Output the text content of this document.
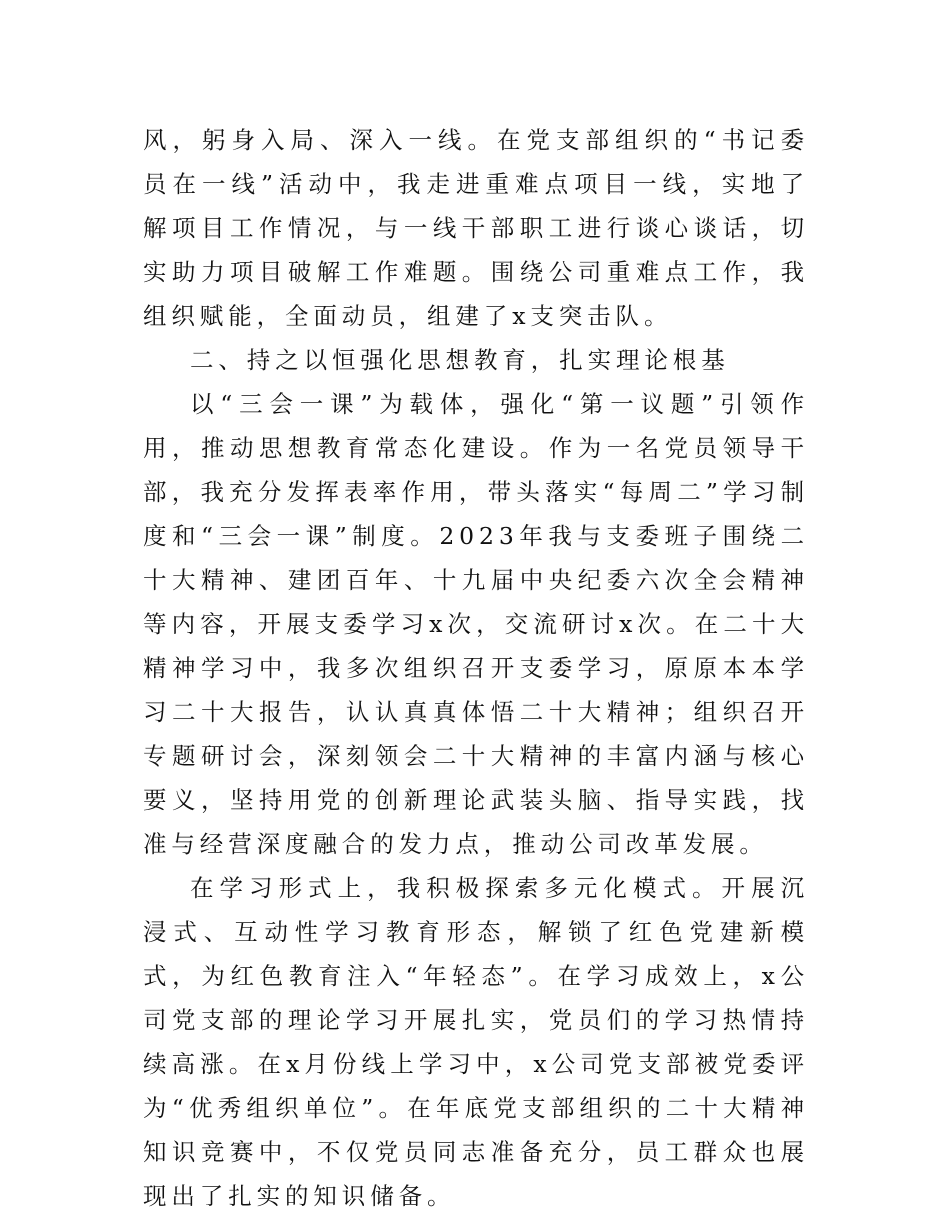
风，躬身入局、深入一线。在党支部组织的“书记委员在一线”活动中，我走进重难点项目一线，实地了解项目工作情况，与一线干部职工进行谈心谈话，切实助力项目破解工作难题。围绕公司重难点工作，我组织赋能，全面动员，组建了x支突击队。

二、持之以恒强化思想教育，扎实理论根基

以“三会一课”为载体，强化“第一议题”引领作用，推动思想教育常态化建设。作为一名党员领导干部，我充分发挥表率作用，带头落实“每周二”学习制度和“三会一课”制度。2023年我与支委班子围绕二十大精神、建团百年、十九届中央纪委六次全会精神等内容，开展支委学习x次，交流研讨x次。在二十大精神学习中，我多次组织召开支委学习，原原本本学习二十大报告，认认真真体悟二十大精神；组织召开专题研讨会，深刻领会二十大精神的丰富内涵与核心要义，坚持用党的创新理论武装头脑、指导实践，找准与经营深度融合的发力点，推动公司改革发展。

在学习形式上，我积极探索多元化模式。开展沉浸式、互动性学习教育形态，解锁了红色党建新模式，为红色教育注入“年轻态”。在学习成效上，x公司党支部的理论学习开展扎实，党员们的学习热情持续高涨。在x月份线上学习中，x公司党支部被党委评为“优秀组织单位”。在年底党支部组织的二十大精神知识竞赛中，不仅党员同志准备充分，员工群众也展现出了扎实的知识储备。
